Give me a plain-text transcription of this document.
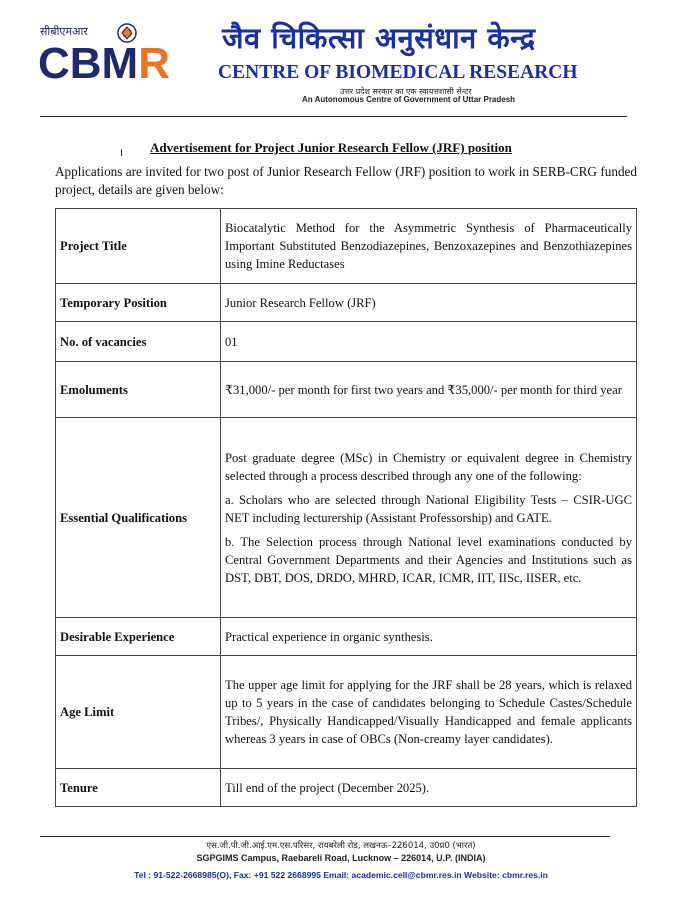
सीबीएमआर
CBMR
जैव चिकित्सा अनुसंधान केन्द्र
CENTRE OF BIOMEDICAL RESEARCH
उत्तर प्रदेश सरकार का एक स्वायत्तशासी सेन्टर
An Autonomous Centre of Government of Uttar Pradesh
Advertisement for Project Junior Research Fellow (JRF) position
Applications are invited for two post of Junior Research Fellow (JRF) position to work in SERB-CRG funded project, details are given below:
Project Title	Biocatalytic Method for the Asymmetric Synthesis of Pharmaceutically Important Substituted Benzodiazepines, Benzoxazepines and Benzothiazepines using Imine Reductases
Temporary Position	Junior Research Fellow (JRF)
No. of vacancies	01
Emoluments	₹31,000/- per month for first two years and ₹35,000/- per month for third year
Essential Qualifications	Post graduate degree (MSc) in Chemistry or equivalent degree in Chemistry selected through a process described through any one of the following:

a. Scholars who are selected through National Eligibility Tests – CSIR-UGC NET including lecturership (Assistant Professorship) and GATE.

b. The Selection process through National level examinations conducted by Central Government Departments and their Agencies and Institutions such as DST, DBT, DOS, DRDO, MHRD, ICAR, ICMR, IIT, IISc, IISER, etc.

Desirable Experience	Practical experience in organic synthesis.
Age Limit	The upper age limit for applying for the JRF shall be 28 years, which is relaxed up to 5 years in the case of candidates belonging to Schedule Castes/Schedule Tribes/, Physically Handicapped/Visually Handicapped and female applicants whereas 3 years in case of OBCs (Non-creamy layer candidates).
Tenure	Till end of the project (December 2025).
एस.जी.पी.जी.आई.एम.एस.परिसर, रायबरेली रोड, लखनऊ–226014, उ0प्र0 (भारत)
SGPGIMS Campus, Raebareli Road, Lucknow – 226014, U.P. (INDIA)
Tel : 91-522-2668985(O), Fax: +91 522 2668995 Email: academic.cell@cbmr.res.in Website: cbmr.res.in
